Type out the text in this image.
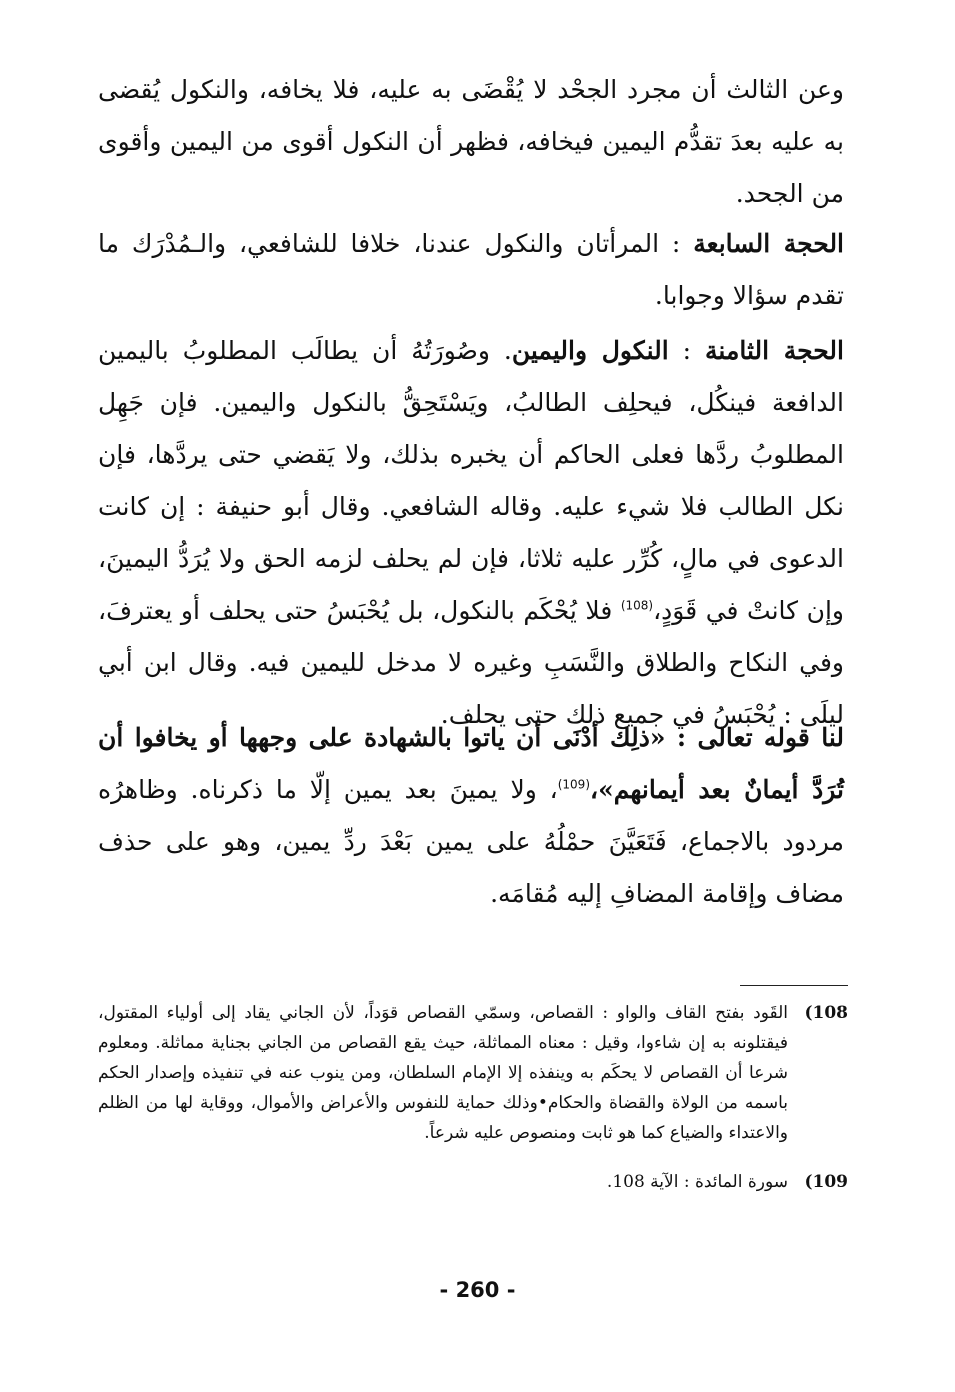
وعن الثالث أن مجرد الجحْد لا يُقْضَى به عليه، فلا يخافه، والنكول يُقضى به عليه بعدَ تقدُّم اليمين فيخافه، فظهر أن النكول أقوى من اليمين وأقوى من الجحد.

الحجة السابعة : المرأتان والنكول عندنا، خلافا للشافعي، والـمُدْرَك ما تقدم سؤالا وجوابا.

الحجة الثامنة : النكول واليمين. وصُورَتُهُ أن يطالَب المطلوبُ باليمين الدافعة فينكُل، فيحلِف الطالبُ، ويَسْتَحِقُّ بالنكول واليمين. فإن جَهِل المطلوبُ ردَّها فعلى الحاكم أن يخبره بذلك، ولا يَقضي حتى يردَّها، فإن نكل الطالب فلا شيء عليه. وقاله الشافعي. وقال أبو حنيفة : إن كانت الدعوى في مالٍ، كُرِّر عليه ثلاثا، فإن لم يحلف لزمه الحق ولا يُرَدُّ اليمينَ، وإن كانتْ في قَوَدٍ،$^{(108)}$ فلا يُحْكَم بالنكول، بل يُحْبَسُ حتى يحلف أو يعترفَ، وفي النكاح والطلاق والنَّسَبِ وغيره لا مدخل لليمين فيه. وقال ابن أبي ليلَى : يُحْبَسُ في جميع ذلك حتى يحلف.

لنا قوله تعالى : «ذلِك أدْنَى أن ياتوا بالشهادة على وجهها أو يخافوا أن تُرَدَّ أيمانٌ بعد أيمانهم»،$^{(109)}$، ولا يمينَ بعد يمين إلّا ما ذكرناه. وظاهرُه مردود بالاجماع، فَتَعَيَّنَ حمْلُهُ على يمين بَعْدَ ردِّ يمين، وهو على حذف مضاف وإقامة المضافِ إليه مُقامَه.

(108
القَود بفتح القاف والواو : القصاص، وسمّي القصاص قوَداً، لأن الجاني يقاد إلى أولياء المقتول، فيقتلونه به إن شاءوا، وقيل : معناه المماثلة، حيث يقع القصاص من الجاني بجناية مماثلة. ومعلوم شرعا أن القصاص لا يحكَم به وينفذه إلا الإمام السلطان، ومن ينوب عنه في تنفيذه وإصدار الحكم باسمه من الولاة والقضاة والحكام•وذلك حماية للنفوس والأعراض والأموال، ووقاية لها من الظلم والاعتداء والضياع كما هو ثابت ومنصوص عليه شرعاً.
(109
سورة المائدة : الآية 108.
- 260 -
